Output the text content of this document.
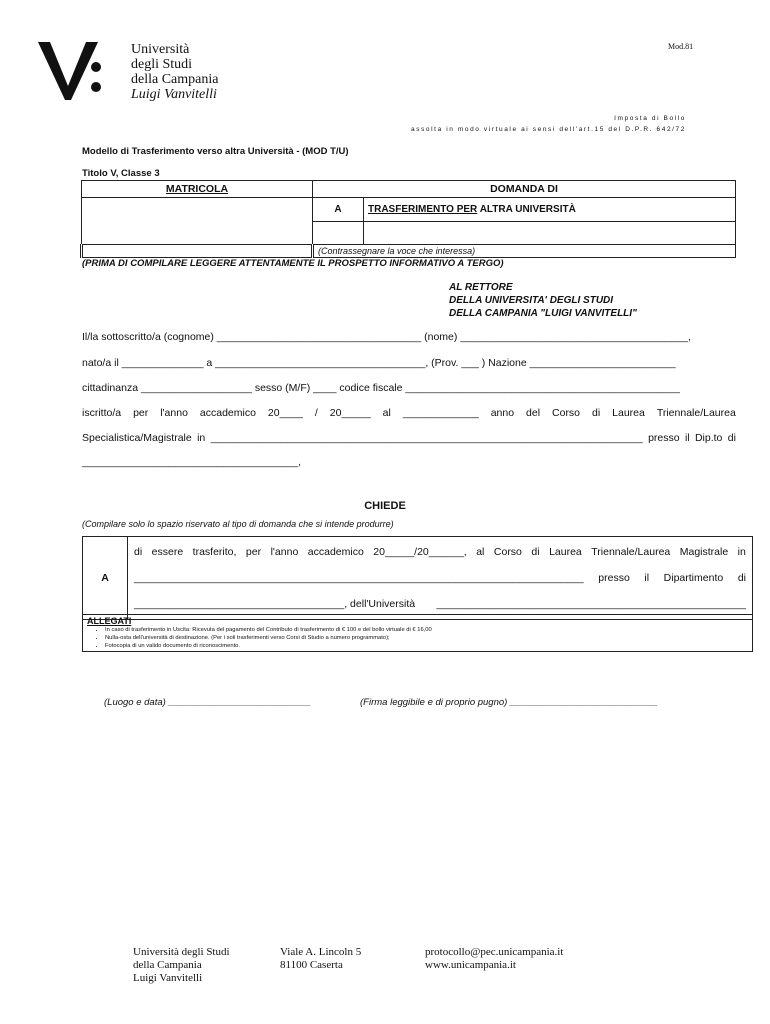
Università
degli Studi
della Campania
Luigi Vanvitelli
Mod.81
Imposta di Bollo
assolta in modo virtuale ai sensi dell'art.15 del D.P.R. 642/72
Modello di Trasferimento verso altra Università - (MOD T/U)
Titolo V, Classe 3
MATRICOLA	DOMANDA DI	
	A	TRASFERIMENTO PER ALTRA UNIVERSITÀ

	(Contrassegnare la voce che interessa)	
(PRIMA DI COMPILARE LEGGERE ATTENTAMENTE IL PROSPETTO INFORMATIVO A TERGO)
AL RETTORE
DELLA UNIVERSITA' DEGLI STUDI
DELLA CAMPANIA "LUIGI VANVITELLI"
Il/la sottoscritto/a (cognome) ___________________________________ (nome) _______________________________________,
nato/a il ______________ a ____________________________________, (Prov. ___ ) Nazione _________________________
cittadinanza ___________________ sesso (M/F) ____ codice fiscale _______________________________________________
iscritto/a per l'anno accademico 20____ / 20_____ al _____________ anno del Corso di Laurea Triennale/Laurea
Specialistica/Magistrale in __________________________________________________________________________ presso il Dip.to di
_____________________________________,
CHIEDE
(Compilare solo lo spazio riservato al tipo di domanda che si intende produrre)
A	
di essere trasferito, per l'anno accademico 20_____/20______, al Corso di Laurea Triennale/Laurea Magistrale in
_____________________________________________________________________________ presso il Dipartimento di
____________________________________, dell'Università _____________________________________________________
ALLEGATI
• In caso di trasferimento in Uscita: Ricevuta del pagamento del Contributo di trasferimento di € 100 e del bollo virtuale di € 16,00
• Nulla-osta dell'università di destinazione. (Per i soli trasferimenti verso Corsi di Studio a numero programmato);
• Fotocopia di un valido documento di riconoscimento.
(Luogo e data) ___________________________	(Firma leggibile e di proprio pugno) ____________________________
Università degli Studi
della Campania
Luigi Vanvitelli
Viale A. Lincoln 5
81100 Caserta
protocollo@pec.unicampania.it
www.unicampania.it
